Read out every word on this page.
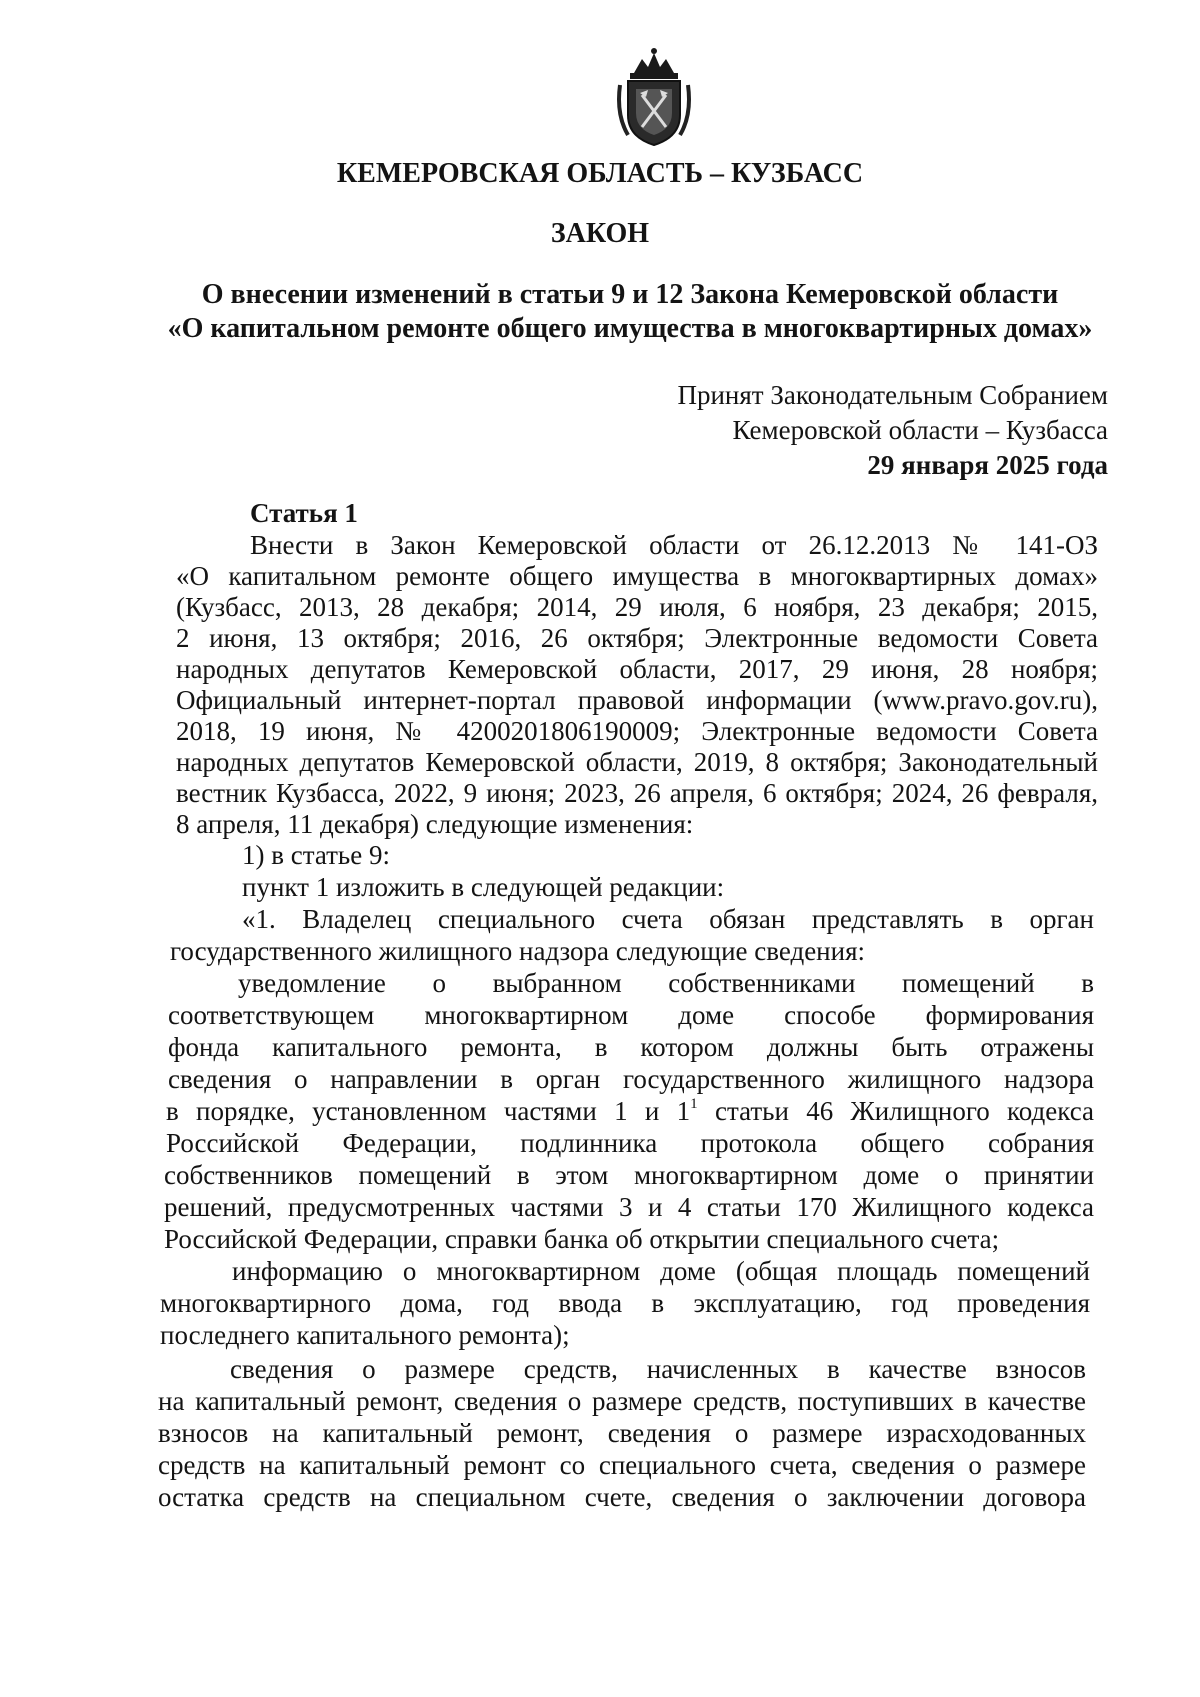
КЕМЕРОВСКАЯ ОБЛАСТЬ – КУЗБАСС
ЗАКОН
О внесении изменений в статьи 9 и 12 Закона Кемеровской области
«О капитальном ремонте общего имущества в многоквартирных домах»
Принят Законодательным Собранием
Кемеровской области – Кузбасса
29 января 2025 года
Статья 1
Внести в Закон Кемеровской области от 26.12.2013 № 141-ОЗ
«О капитальном ремонте общего имущества в многоквартирных домах»
(Кузбасс, 2013, 28 декабря; 2014, 29 июля, 6 ноября, 23 декабря; 2015,
2 июня, 13 октября; 2016, 26 октября; Электронные ведомости Совета
народных депутатов Кемеровской области, 2017, 29 июня, 28 ноября;
Официальный интернет-портал правовой информации (www.pravo.gov.ru),
2018, 19 июня, № 4200201806190009; Электронные ведомости Совета
народных депутатов Кемеровской области, 2019, 8 октября; Законодательный
вестник Кузбасса, 2022, 9 июня; 2023, 26 апреля, 6 октября; 2024, 26 февраля,
8 апреля, 11 декабря) следующие изменения:
1) в статье 9:
пункт 1 изложить в следующей редакции:
«1. Владелец специального счета обязан представлять в орган
государственного жилищного надзора следующие сведения:
уведомление о выбранном собственниками помещений в
соответствующем многоквартирном доме способе формирования
фонда капитального ремонта, в котором должны быть отражены
сведения о направлении в орган государственного жилищного надзора
в порядке, установленном частями 1 и $1^1$ статьи 46 Жилищного кодекса
Российской Федерации, подлинника протокола общего собрания
собственников помещений в этом многоквартирном доме о принятии
решений, предусмотренных частями 3 и 4 статьи 170 Жилищного кодекса
Российской Федерации, справки банка об открытии специального счета;
информацию о многоквартирном доме (общая площадь помещений
многоквартирного дома, год ввода в эксплуатацию, год проведения
последнего капитального ремонта);
сведения о размере средств, начисленных в качестве взносов
на капитальный ремонт, сведения о размере средств, поступивших в качестве
взносов на капитальный ремонт, сведения о размере израсходованных
средств на капитальный ремонт со специального счета, сведения о размере
остатка средств на специальном счете, сведения о заключении договора
